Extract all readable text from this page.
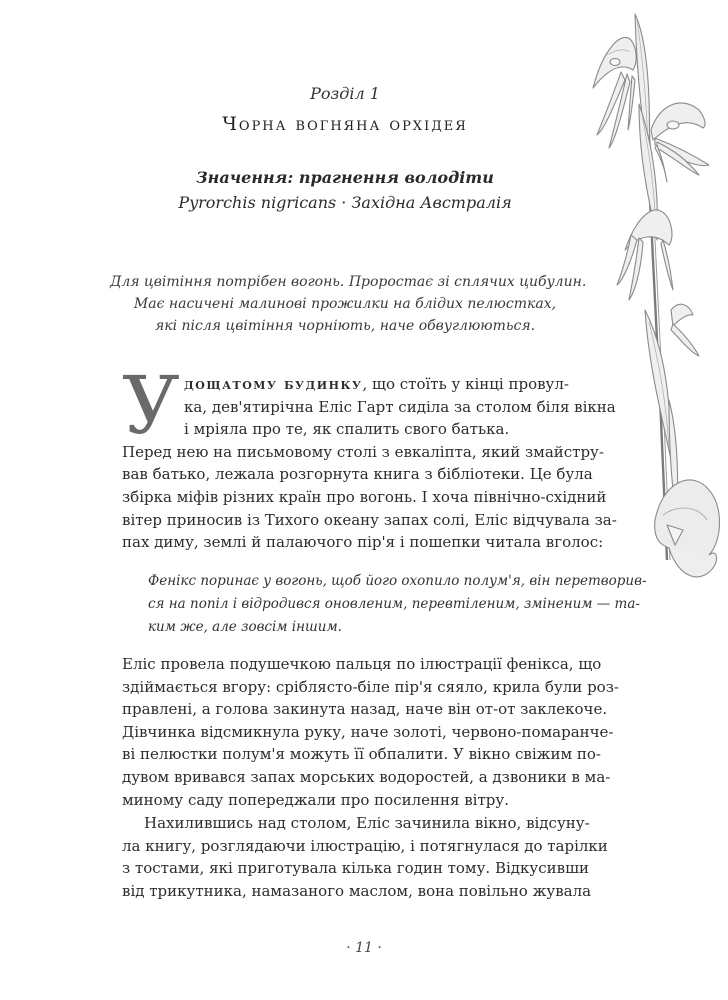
Розділ 1
Чорна вогняна орхідея
Значення: прагнення володіти
Pyrorchis nigricans · Західна Австралія
Для цвітіння потрібен вогонь. Проростає зі сплячих цибулин.
Має насичені малинові прожилки на блідих пелюстках,
які після цвітіння чорніють, наче обвуглюються.
У дощатому будинку, що стоїть у кінці провул-
ка, дев'ятирічна Еліс Гарт сиділа за столом біля вікна
і мріяла про те, як спалить свого батька.
Перед нею на письмовому столі з евкаліпта, який змайстру-
вав батько, лежала розгорнута книга з бібліотеки. Це була
збірка міфів різних країн про вогонь. І хоча північно-східний
вітер приносив із Тихого океану запах солі, Еліс відчувала за-
пах диму, землі й палаючого пір'я і пошепки читала вголос:
Фенікс поринає у вогонь, щоб його охопило полум'я, він перетворив-
ся на попіл і відродився оновленим, перевтіленим, зміненим — та-
ким же, але зовсім іншим.
Еліс провела подушечкою пальця по ілюстрації фенікса, що
здіймається вгору: сріблясто-біле пір'я сяяло, крила були роз-
правлені, а голова закинута назад, наче він от-от заклекоче.
Дівчинка відсмикнула руку, наче золоті, червоно-помаранче-
ві пелюстки полум'я можуть її обпалити. У вікно свіжим по-
дувом вривався запах морських водоростей, а дзвоники в ма-
миному саду попереджали про посилення вітру.
Нахилившись над столом, Еліс зачинила вікно, відсуну-
ла книгу, розглядаючи ілюстрацію, і потягнулася до тарілки
з тостами, які приготувала кілька годин тому. Відкусивши
від трикутника, намазаного маслом, вона повільно жувала
· 11 ·
